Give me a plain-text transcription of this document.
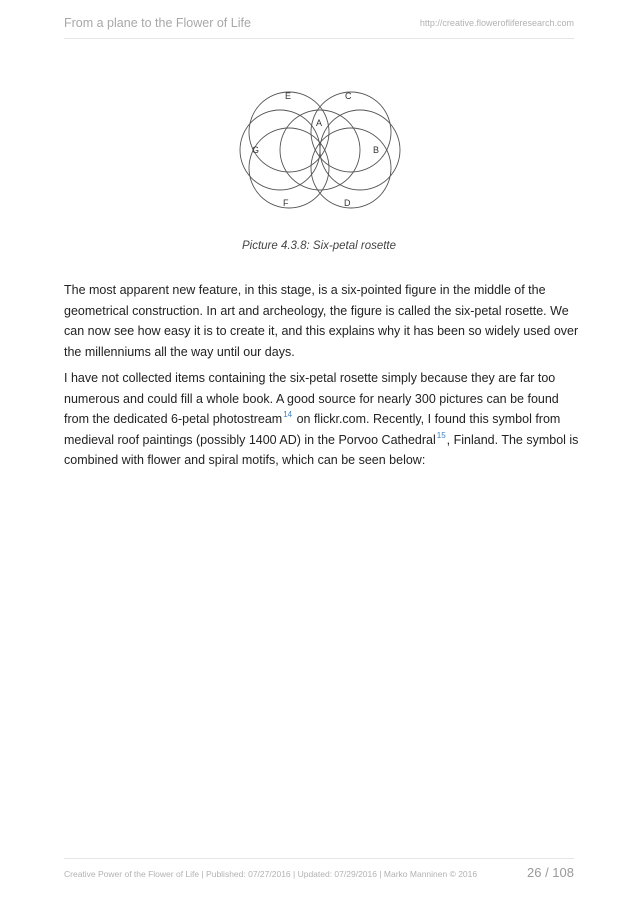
From a plane to the Flower of Life	http://creative.flowerofliferesearch.com
A
E	C
G	B
F	D
Picture 4.3.8: Six-petal rosette
The most apparent new feature, in this stage, is a six-pointed figure in the middle of the geometrical construction. In art and archeology, the figure is called the six-petal rosette. We can now see how easy it is to create it, and this explains why it has been so widely used over the millenniums all the way until our days.
I have not collected items containing the six-petal rosette simply because they are far too numerous and could fill a whole book. A good source for nearly 300 pictures can be found from the dedicated 6-petal photostream$^{14}$ on flickr.com. Recently, I found this symbol from medieval roof paintings (possibly 1400 AD) in the Porvoo Cathedral$^{15}$, Finland. The symbol is combined with flower and spiral motifs, which can be seen below:
Creative Power of the Flower of Life | Published: 07/27/2016 | Updated: 07/29/2016 | Marko Manninen © 2016	26 / 108
